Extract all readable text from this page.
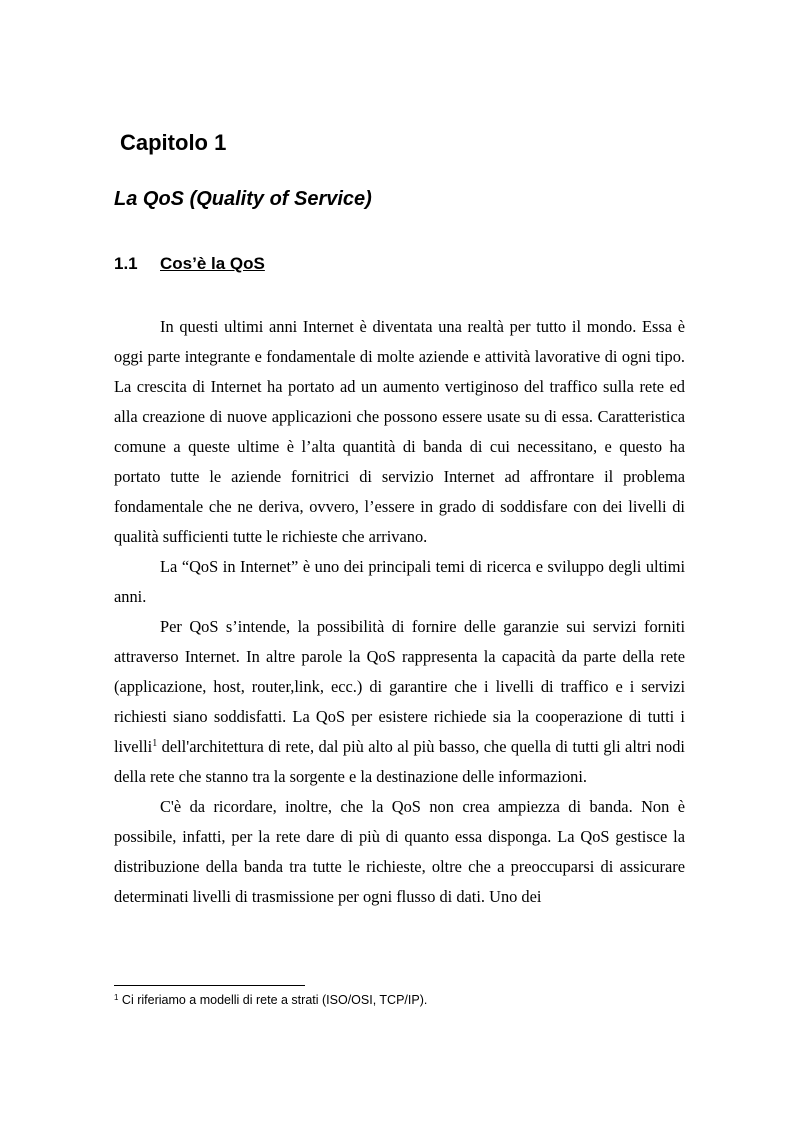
Capitolo 1
La QoS (Quality of Service)
1.1 Cos’è la QoS

In questi ultimi anni Internet è diventata una realtà per tutto il mondo. Essa è oggi parte integrante e fondamentale di molte aziende e attività lavorative di ogni tipo. La crescita di Internet ha portato ad un aumento vertiginoso del traffico sulla rete ed alla creazione di nuove applicazioni che possono essere usate su di essa. Caratteristica comune a queste ultime è l’alta quantità di banda di cui necessitano, e questo ha portato tutte le aziende fornitrici di servizio Internet ad affrontare il problema fondamentale che ne deriva, ovvero, l’essere in grado di soddisfare con dei livelli di qualità sufficienti tutte le richieste che arrivano.

La “QoS in Internet” è uno dei principali temi di ricerca e sviluppo degli ultimi anni.

Per QoS s’intende, la possibilità di fornire delle garanzie sui servizi forniti attraverso Internet. In altre parole la QoS rappresenta la capacità da parte della rete (applicazione, host, router,link, ecc.) di garantire che i livelli di traffico e i servizi richiesti siano soddisfatti. La QoS per esistere richiede sia la cooperazione di tutti i livelli$^1$ dell'architettura di rete, dal più alto al più basso, che quella di tutti gli altri nodi della rete che stanno tra la sorgente e la destinazione delle informazioni.

C'è da ricordare, inoltre, che la QoS non crea ampiezza di banda. Non è possibile, infatti, per la rete dare di più di quanto essa disponga. La QoS gestisce la distribuzione della banda tra tutte le richieste, oltre che a preoccuparsi di assicurare determinati livelli di trasmissione per ogni flusso di dati. Uno dei

$^1$ Ci riferiamo a modelli di rete a strati (ISO/OSI, TCP/IP).
